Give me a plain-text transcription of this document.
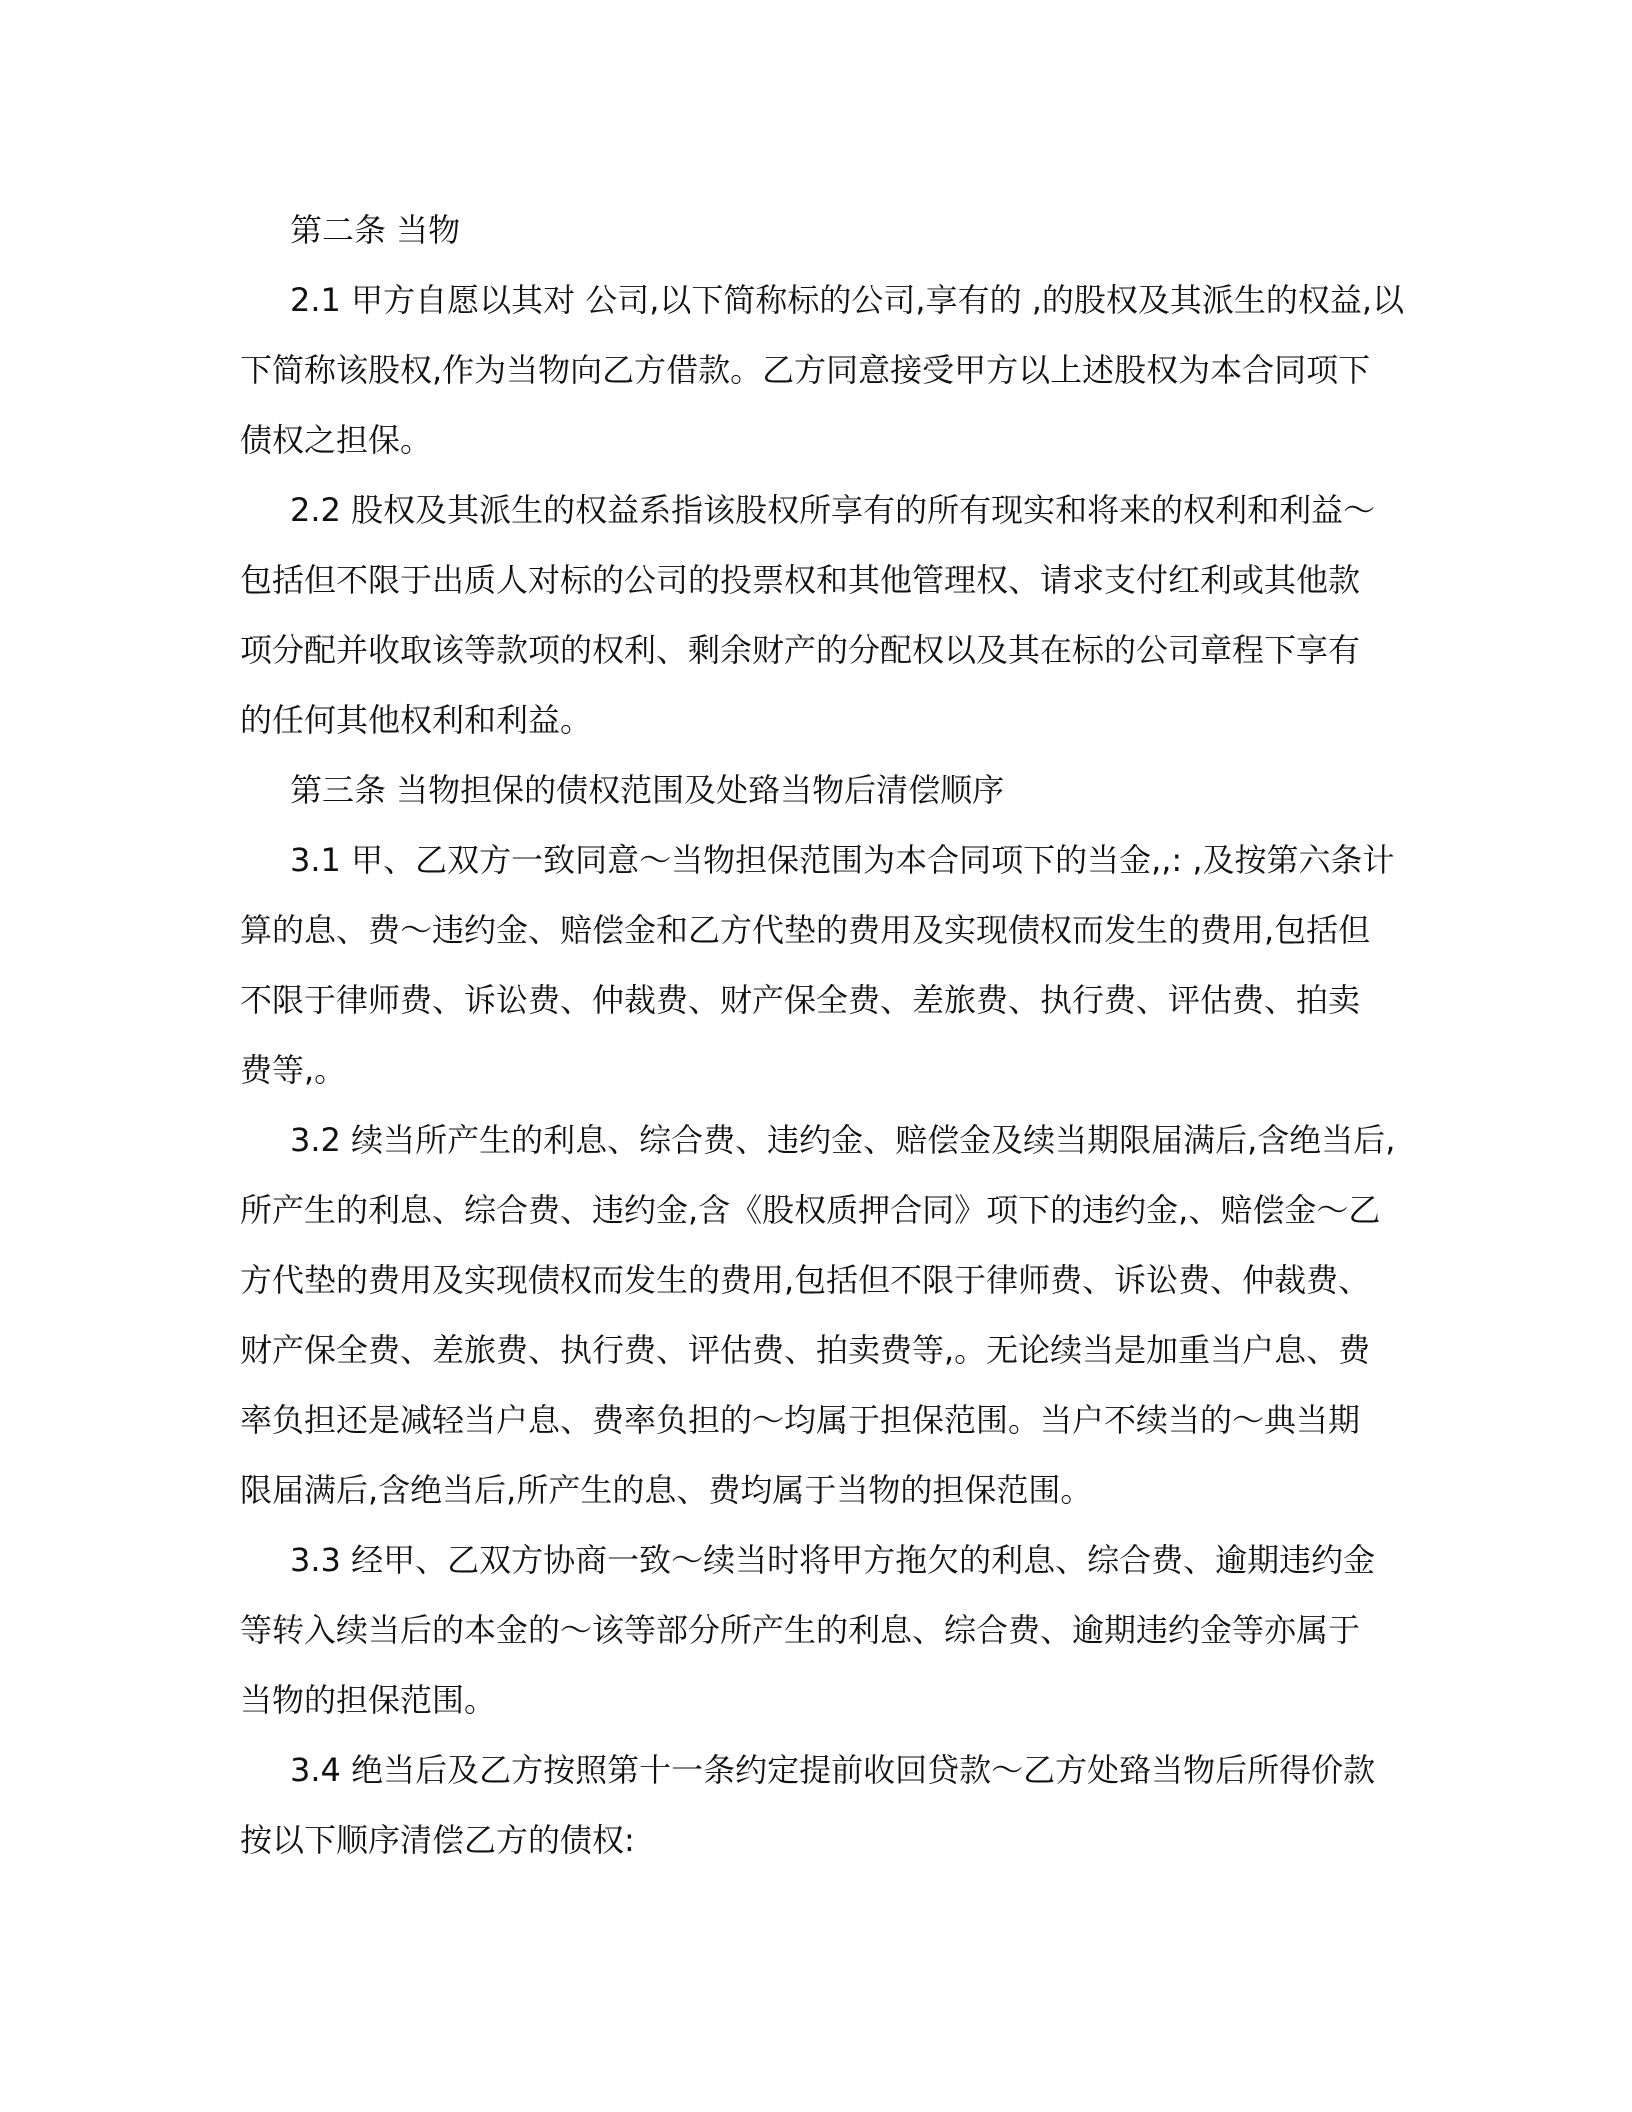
第二条 当物

2.1 甲方自愿以其对 公司,以下简称标的公司,享有的 ,的股权及其派生的权益,以

下简称该股权,作为当物向乙方借款。乙方同意接受甲方以上述股权为本合同项下

债权之担保。

2.2 股权及其派生的权益系指该股权所享有的所有现实和将来的权利和利益～

包括但不限于出质人对标的公司的投票权和其他管理权、请求支付红利或其他款

项分配并收取该等款项的权利、剩余财产的分配权以及其在标的公司章程下享有

的任何其他权利和利益。

第三条 当物担保的债权范围及处臵当物后清偿顺序

3.1 甲、乙双方一致同意～当物担保范围为本合同项下的当金,,: ,及按第六条计

算的息、费～违约金、赔偿金和乙方代垫的费用及实现债权而发生的费用,包括但

不限于律师费、诉讼费、仲裁费、财产保全费、差旅费、执行费、评估费、拍卖

费等,。

3.2 续当所产生的利息、综合费、违约金、赔偿金及续当期限届满后,含绝当后,

所产生的利息、综合费、违约金,含《股权质押合同》项下的违约金,、赔偿金～乙

方代垫的费用及实现债权而发生的费用,包括但不限于律师费、诉讼费、仲裁费、

财产保全费、差旅费、执行费、评估费、拍卖费等,。无论续当是加重当户息、费

率负担还是减轻当户息、费率负担的～均属于担保范围。当户不续当的～典当期

限届满后,含绝当后,所产生的息、费均属于当物的担保范围。

3.3 经甲、乙双方协商一致～续当时将甲方拖欠的利息、综合费、逾期违约金

等转入续当后的本金的～该等部分所产生的利息、综合费、逾期违约金等亦属于

当物的担保范围。

3.4 绝当后及乙方按照第十一条约定提前收回贷款～乙方处臵当物后所得价款

按以下顺序清偿乙方的债权:
